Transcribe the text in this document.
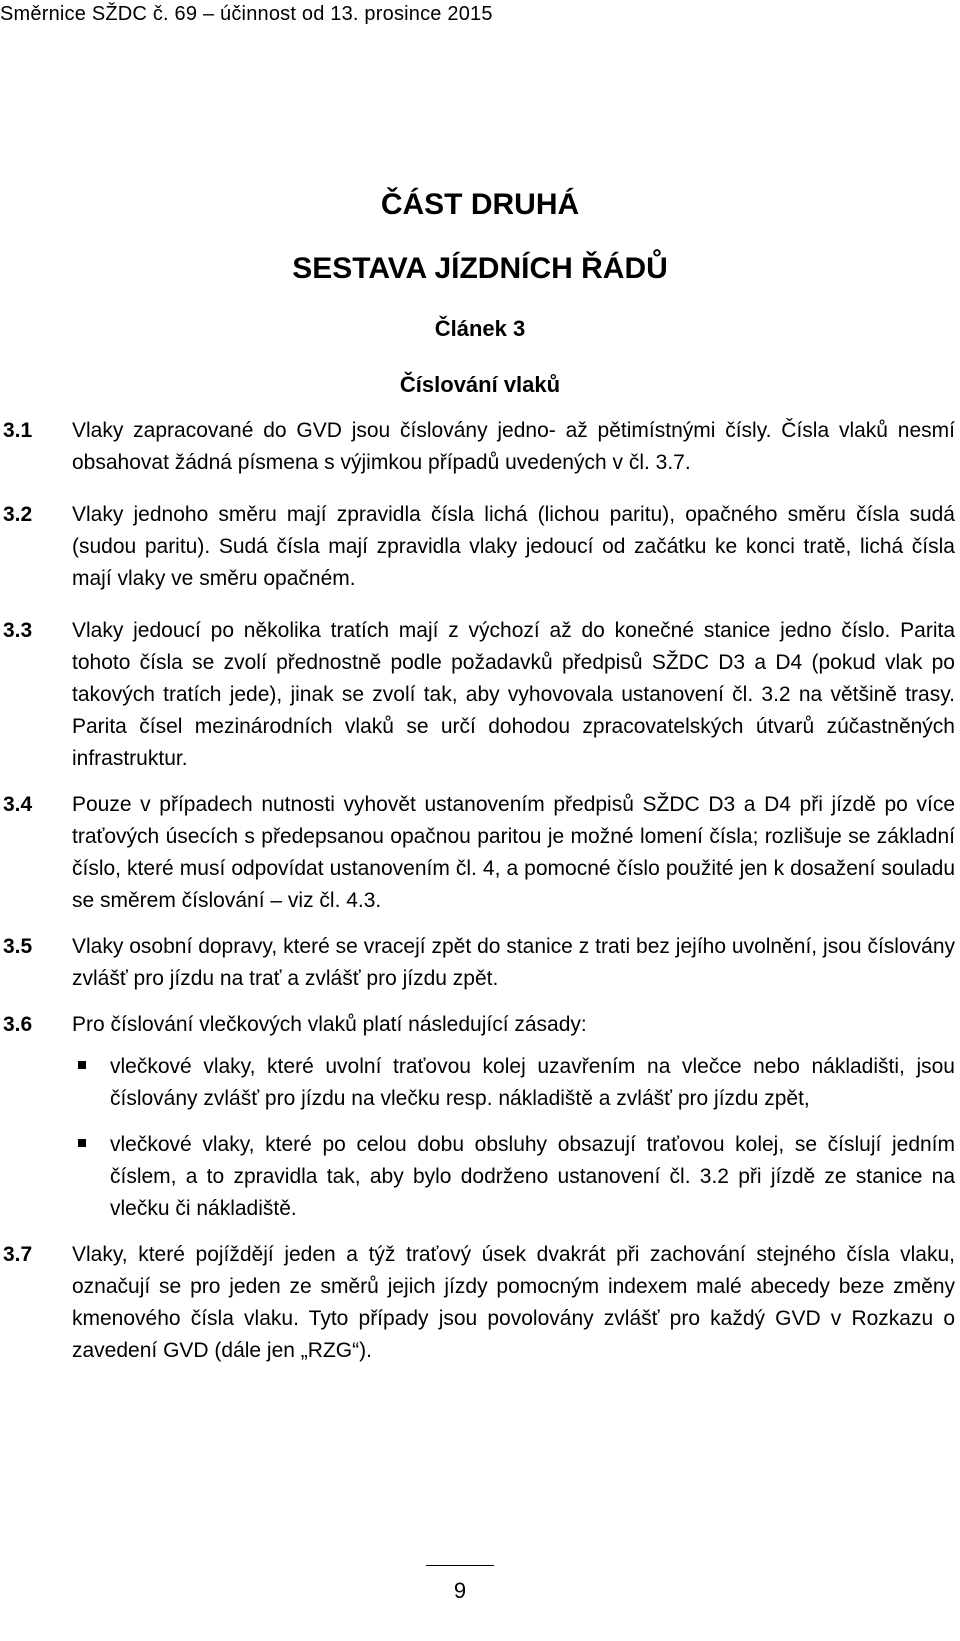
Směrnice SŽDC č. 69 – účinnost od 13. prosince 2015
ČÁST DRUHÁ
SESTAVA JÍZDNÍCH ŘÁDŮ
Článek 3
Číslování vlaků
3.1	Vlaky zapracované do GVD jsou číslovány jedno- až pětimístnými čísly. Čísla vlaků nesmí obsahovat žádná písmena s výjimkou případů uvedených v čl. 3.7.
3.2	Vlaky jednoho směru mají zpravidla čísla lichá (lichou paritu), opačného směru čísla sudá (sudou paritu). Sudá čísla mají zpravidla vlaky jedoucí od začátku ke konci tratě, lichá čísla mají vlaky ve směru opačném.
3.3	Vlaky jedoucí po několika tratích mají z výchozí až do konečné stanice jedno číslo. Parita tohoto čísla se zvolí přednostně podle požadavků předpisů SŽDC D3 a D4 (pokud vlak po takových tratích jede), jinak se zvolí tak, aby vyhovovala ustanovení čl. 3.2 na většině trasy. Parita čísel mezinárodních vlaků se určí dohodou zpracovatelských útvarů zúčastněných infrastruktur.
3.4	Pouze v případech nutnosti vyhovět ustanovením předpisů SŽDC D3 a D4 při jízdě po více traťových úsecích s předepsanou opačnou paritou je možné lomení čísla; rozlišuje se základní číslo, které musí odpovídat ustanovením čl. 4, a pomocné číslo použité jen k dosažení souladu se směrem číslování – viz čl. 4.3.
3.5	Vlaky osobní dopravy, které se vracejí zpět do stanice z trati bez jejího uvolnění, jsou číslovány zvlášť pro jízdu na trať a zvlášť pro jízdu zpět.
3.6	Pro číslování vlečkových vlaků platí následující zásady:
vlečkové vlaky, které uvolní traťovou kolej uzavřením na vlečce nebo nákladišti, jsou číslovány zvlášť pro jízdu na vlečku resp. nákladiště a zvlášť pro jízdu zpět,
vlečkové vlaky, které po celou dobu obsluhy obsazují traťovou kolej, se číslují jedním číslem, a to zpravidla tak, aby bylo dodrženo ustanovení čl. 3.2 při jízdě ze stanice na vlečku či nákladiště.
3.7	Vlaky, které pojíždějí jeden a týž traťový úsek dvakrát při zachování stejného čísla vlaku, označují se pro jeden ze směrů jejich jízdy pomocným indexem malé abecedy beze změny kmenového čísla vlaku. Tyto případy jsou povolovány zvlášť pro každý GVD v Rozkazu o zavedení GVD (dále jen „RZG“).
9
